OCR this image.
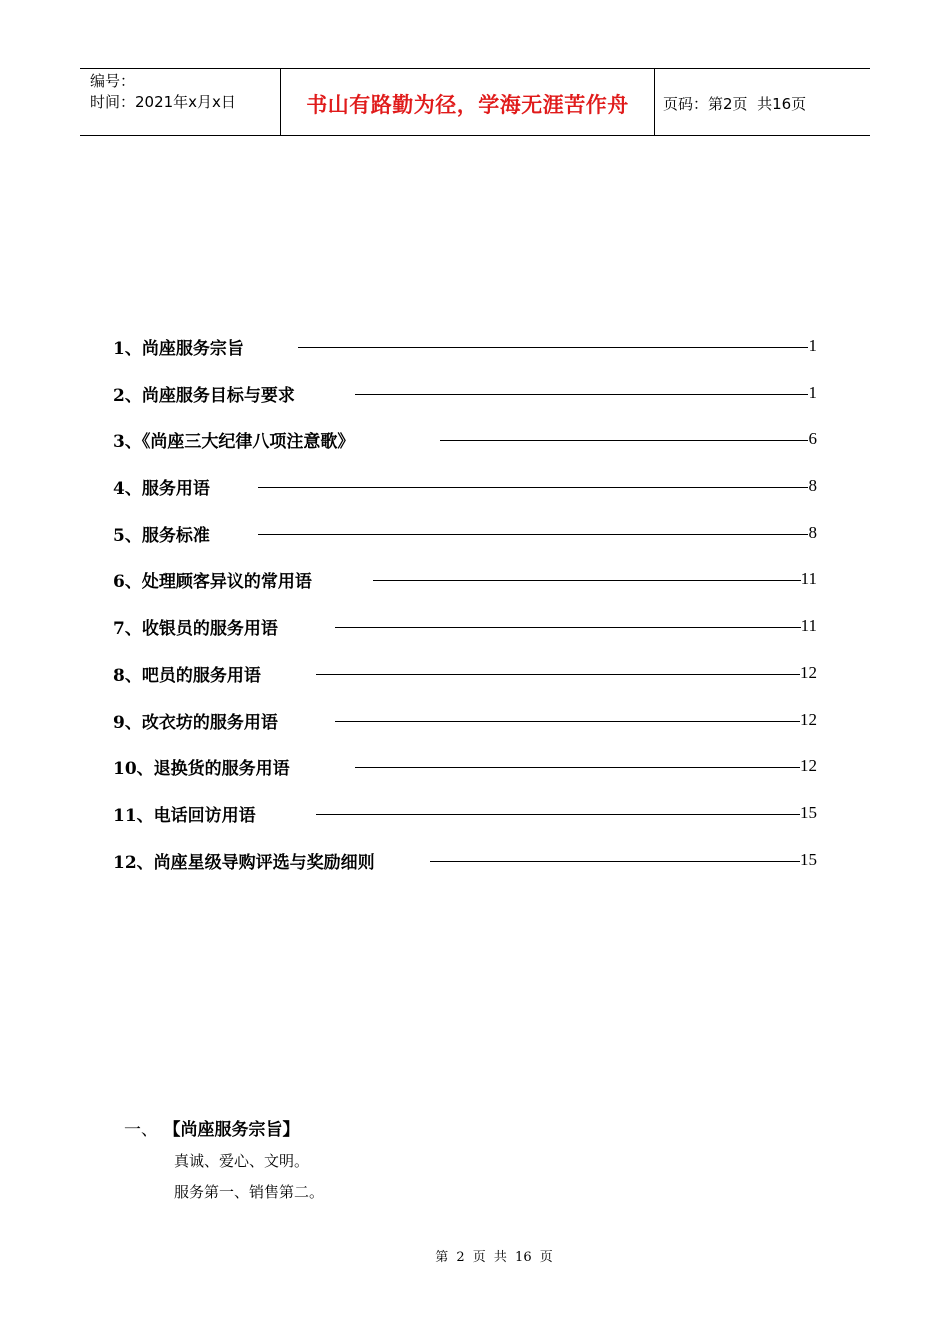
编号：
时间：2021年x月x日	书山有路勤为径，学海无涯苦作舟	页码：第2页  共16页
1、尚座服务宗旨	1
2、尚座服务目标与要求	1
3、《尚座三大纪律八项注意歌》	6
4、服务用语	8
5、服务标准	8
6、处理顾客异议的常用语	11
7、收银员的服务用语	11
8、吧员的服务用语	12
9、改衣坊的服务用语	12
10、退换货的服务用语	12
11、电话回访用语	15
12、尚座星级导购评选与奖励细则	15
一、 【尚座服务宗旨】
真诚、爱心、文明。
服务第一、销售第二。
第 2 页 共 16 页
